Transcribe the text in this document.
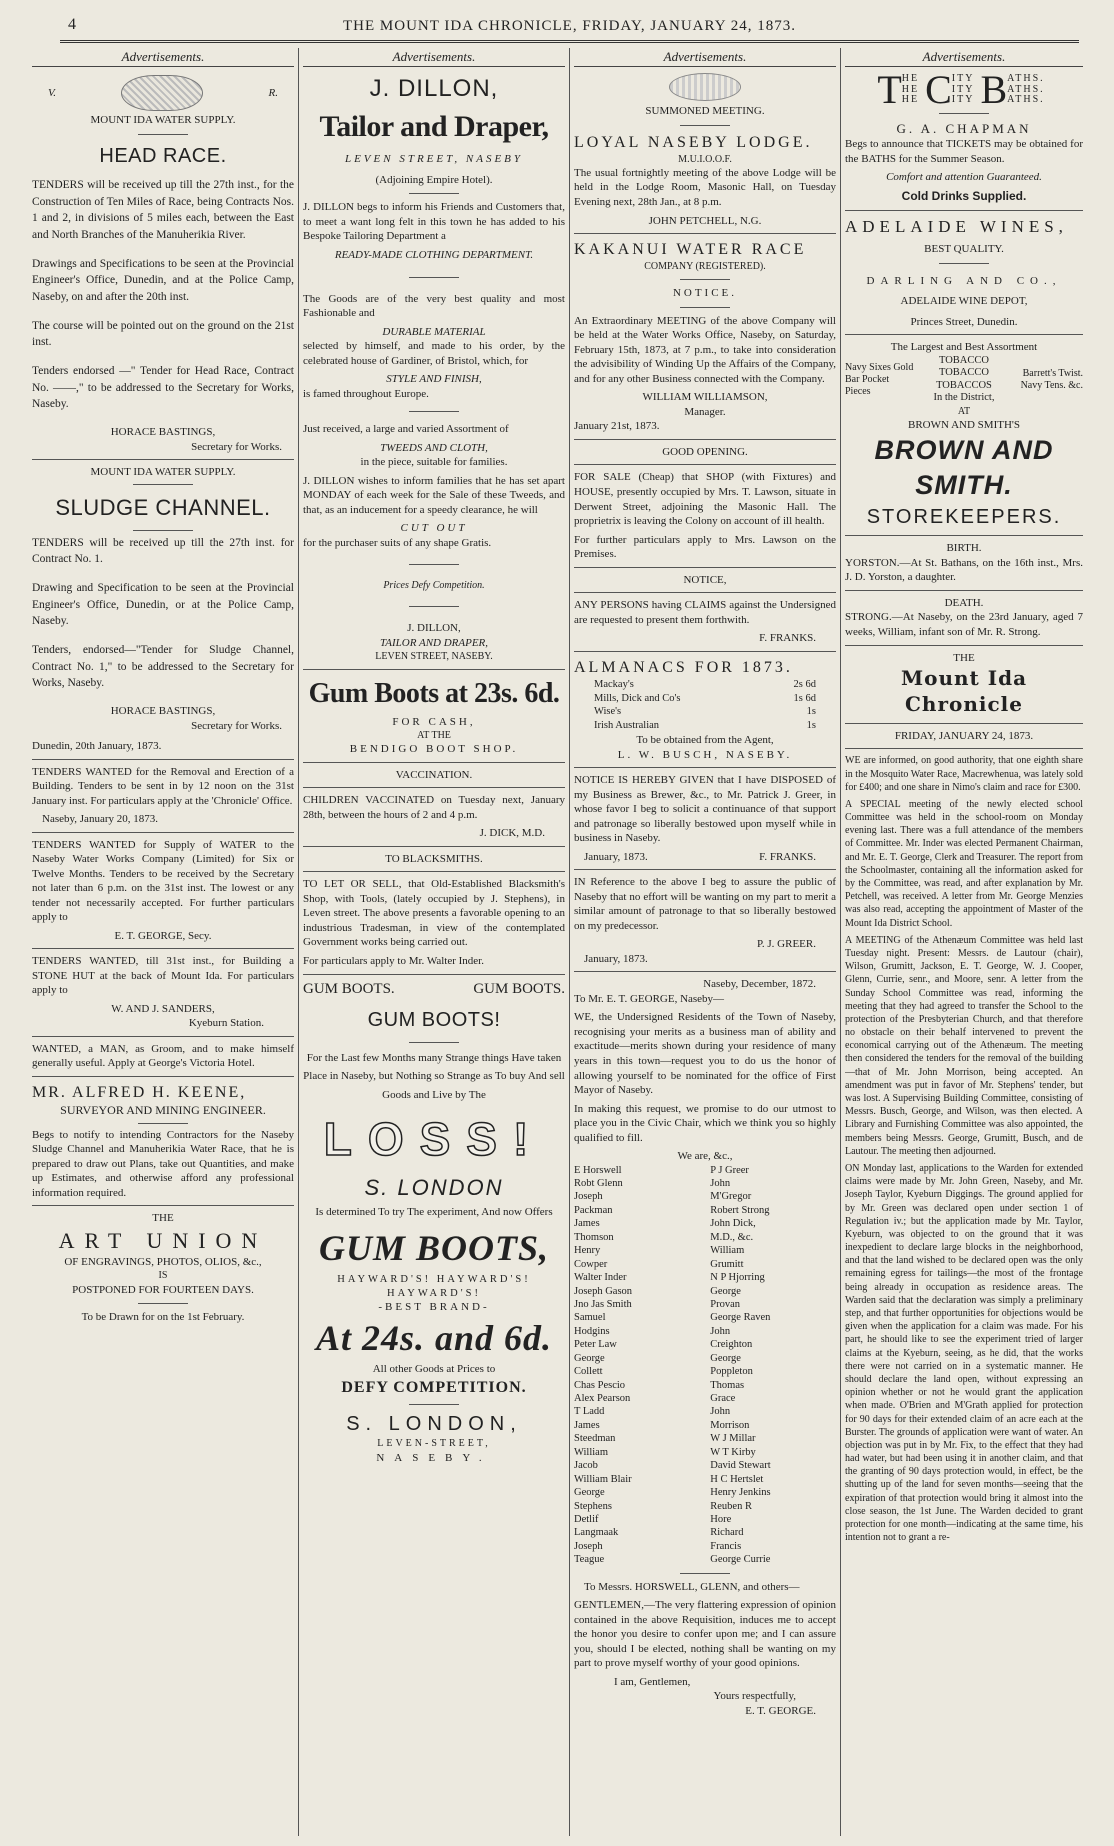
4	THE MOUNT IDA CHRONICLE, FRIDAY, JANUARY 24, 1873.
Advertisements.
V.	R.
MOUNT IDA WATER SUPPLY.
HEAD RACE.

TENDERS will be received up till the 27th inst., for the Construction of Ten Miles of Race, being Contracts Nos. 1 and 2, in divisions of 5 miles each, between the East and North Branches of the Manuherikia River.

Drawings and Specifications to be seen at the Provincial Engineer's Office, Dunedin, and at the Police Camp, Naseby, on and after the 20th inst.

The course will be pointed out on the ground on the 21st inst.

Tenders endorsed —" Tender for Head Race, Contract No. ——," to be addressed to the Secretary for Works, Naseby.

HORACE BASTINGS,
Secretary for Works.
MOUNT IDA WATER SUPPLY.
SLUDGE CHANNEL.

TENDERS will be received up till the 27th inst. for Contract No. 1.

Drawing and Specification to be seen at the Provincial Engineer's Office, Dunedin, or at the Police Camp, Naseby.

Tenders, endorsed—"Tender for Sludge Channel, Contract No. 1," to be addressed to the Secretary for Works, Naseby.

HORACE BASTINGS,
Secretary for Works.

Dunedin, 20th January, 1873.

TENDERS WANTED for the Removal and Erection of a Building. Tenders to be sent in by 12 noon on the 31st January inst. For particulars apply at the 'Chronicle' Office.

Naseby, January 20, 1873.

TENDERS WANTED for Supply of WATER to the Naseby Water Works Company (Limited) for Six or Twelve Months. Tenders to be received by the Secretary not later than 6 p.m. on the 31st inst. The lowest or any tender not necessarily accepted. For further particulars apply to

E. T. GEORGE, Secy.

TENDERS WANTED, till 31st inst., for Building a STONE HUT at the back of Mount Ida. For particulars apply to

W. AND J. SANDERS,
Kyeburn Station.

WANTED, a MAN, as Groom, and to make himself generally useful. Apply at George's Victoria Hotel.

MR. ALFRED H. KEENE,
SURVEYOR AND MINING ENGINEER.

Begs to notify to intending Contractors for the Naseby Sludge Channel and Manuherikia Water Race, that he is prepared to draw out Plans, take out Quantities, and make up Estimates, and otherwise afford any professional information required.

THE
ART UNION
OF ENGRAVINGS, PHOTOS, OLIOS, &c.,
IS
POSTPONED FOR FOURTEEN DAYS.
To be Drawn for on the 1st February.
Advertisements.
J. DILLON,
Tailor and Draper,
LEVEN STREET, NASEBY
(Adjoining Empire Hotel).

J. DILLON begs to inform his Friends and Customers that, to meet a want long felt in this town he has added to his Bespoke Tailoring Department a

READY-MADE CLOTHING DEPARTMENT.

The Goods are of the very best quality and most Fashionable and

DURABLE MATERIAL

selected by himself, and made to his order, by the celebrated house of Gardiner, of Bristol, which, for

STYLE AND FINISH,

is famed throughout Europe.

Just received, a large and varied Assortment of

TWEEDS AND CLOTH,

in the piece, suitable for families.

J. DILLON wishes to inform families that he has set apart MONDAY of each week for the Sale of these Tweeds, and that, as an inducement for a speedy clearance, he will

CUT OUT

for the purchaser suits of any shape Gratis.

Prices Defy Competition.
J. DILLON,
TAILOR AND DRAPER,
LEVEN STREET, NASEBY.
Gum Boots at 23s. 6d.
FOR CASH,
AT THE
BENDIGO BOOT SHOP.
VACCINATION.

CHILDREN VACCINATED on Tuesday next, January 28th, between the hours of 2 and 4 p.m.

J. DICK, M.D.
TO BLACKSMITHS.

TO LET OR SELL, that Old-Established Blacksmith's Shop, with Tools, (lately occupied by J. Stephens), in Leven street. The above presents a favorable opening to an industrious Tradesman, in view of the contemplated Government works being carried out.

For particulars apply to Mr. Walter Inder.

GUM BOOTS.	GUM BOOTS.
GUM BOOTS!

For the Last few Months many Strange things Have taken Place in Naseby, but Nothing so Strange as To buy And sell Goods and Live by The

LOSS!
S. LONDON

Is determined To try The experiment, And now Offers

GUM BOOTS,
HAYWARD'S! HAYWARD'S! HAYWARD'S!
-BEST BRAND-
At 24s. and 6d.
All other Goods at Prices to
DEFY COMPETITION.
S. LONDON,
LEVEN-STREET,
NASEBY.
Advertisements.
SUMMONED MEETING.
LOYAL NASEBY LODGE.
M.U.I.O.O.F.

The usual fortnightly meeting of the above Lodge will be held in the Lodge Room, Masonic Hall, on Tuesday Evening next, 28th Jan., at 8 p.m.

JOHN PETCHELL, N.G.
KAKANUI WATER RACE
COMPANY (REGISTERED).
NOTICE.

An Extraordinary MEETING of the above Company will be held at the Water Works Office, Naseby, on Saturday, February 15th, 1873, at 7 p.m., to take into consideration the advisibility of Winding Up the Affairs of the Company, and for any other Business connected with the Company.

WILLIAM WILLIAMSON,
Manager.

January 21st, 1873.

GOOD OPENING.

FOR SALE (Cheap) that SHOP (with Fixtures) and HOUSE, presently occupied by Mrs. T. Lawson, situate in Derwent Street, adjoining the Masonic Hall. The proprietrix is leaving the Colony on account of ill health.

For further particulars apply to Mrs. Lawson on the Premises.

NOTICE,

ANY PERSONS having CLAIMS against the Undersigned are requested to present them forthwith.

F. FRANKS.
ALMANACS FOR 1873.
Mackay's	2s 6d
Mills, Dick and Co's	1s 6d
Wise's	1s
Irish Australian	1s
To be obtained from the Agent,
L. W. BUSCH, NASEBY.

NOTICE IS HEREBY GIVEN that I have DISPOSED of my Business as Brewer, &c., to Mr. Patrick J. Greer, in whose favor I beg to solicit a continuance of that support and patronage so liberally bestowed upon myself while in business in Naseby.

January, 1873.	F. FRANKS.

IN Reference to the above I beg to assure the public of Naseby that no effort will be wanting on my part to merit a similar amount of patronage to that so liberally bestowed on my predecessor.

P. J. GREER.

January, 1873.

Naseby, December, 1872.

To Mr. E. T. GEORGE, Naseby—

WE, the Undersigned Residents of the Town of Naseby, recognising your merits as a business man of ability and exactitude—merits shown during your residence of many years in this town—request you to do us the honor of allowing yourself to be nominated for the office of First Mayor of Naseby.

In making this request, we promise to do our utmost to place you in the Civic Chair, which we think you so highly qualified to fill.

We are, &c.,
E Horswell
Robt Glenn
Joseph Packman
James Thomson
Henry Cowper
Walter Inder
Joseph Gason
Jno Jas Smith
Samuel Hodgins
Peter Law
George Collett
Chas Pescio
Alex Pearson
T Ladd
James Steedman
William Jacob
William Blair
George Stephens
Detlif Langmaak
Joseph Teague
P J Greer
John M'Gregor
Robert Strong
John Dick, M.D., &c.
William Grumitt
N P Hjorring
George Provan
George Raven
John Creighton
George Poppleton
Thomas Grace
John Morrison
W J Millar
W T Kirby
David Stewart
H C Hertslet
Henry Jenkins
Reuben R Hore
Richard Francis
George Currie

To Messrs. HORSWELL, GLENN, and others—

GENTLEMEN,—The very flattering expression of opinion contained in the above Requisition, induces me to accept the honor you desire to confer upon me; and I can assure you, should I be elected, nothing shall be wanting on my part to prove myself worthy of your good opinions.

I am, Gentlemen,
Yours respectfully,
E. T. GEORGE.
Advertisements.
T HE
HE
HE C ITY
ITY
ITY B ATHS.
ATHS.
ATHS.
G. A. CHAPMAN

Begs to announce that TICKETS may be obtained for the BATHS for the Summer Season.

Comfort and attention Guaranteed.
Cold Drinks Supplied.
ADELAIDE WINES,
BEST QUALITY.
DARLING AND CO.,
ADELAIDE WINE DEPOT,
Princes Street, Dunedin.
The Largest and Best Assortment
Navy Sixes Gold Bar Pocket Pieces
TOBACCO TOBACCO TOBACCOS
In the District,
Barrett's Twist. Navy Tens. &c.
AT
BROWN AND SMITH'S
BROWN AND SMITH.
STOREKEEPERS.
BIRTH.

YORSTON.—At St. Bathans, on the 16th inst., Mrs. J. D. Yorston, a daughter.

DEATH.

STRONG.—At Naseby, on the 23rd January, aged 7 weeks, William, infant son of Mr. R. Strong.

THE
Mount Ida Chronicle
FRIDAY, JANUARY 24, 1873.

WE are informed, on good authority, that one eighth share in the Mosquito Water Race, Macrewhenua, was lately sold for £400; and one share in Nimo's claim and race for £300.

A SPECIAL meeting of the newly elected school Committee was held in the school-room on Monday evening last. There was a full attendance of the members of Committee. Mr. Inder was elected Permanent Chairman, and Mr. E. T. George, Clerk and Treasurer. The report from the Schoolmaster, containing all the information asked for by the Committee, was read, and after explanation by Mr. Petchell, was received. A letter from Mr. George Menzies was also read, accepting the appointment of Master of the Mount Ida District School.

A MEETING of the Athenæum Committee was held last Tuesday night. Present: Messrs. de Lautour (chair), Wilson, Grumitt, Jackson, E. T. George, W. J. Cooper, Glenn, Currie, senr., and Moore, senr. A letter from the Sunday School Committee was read, informing the meeting that they had agreed to transfer the School to the protection of the Presbyterian Church, and that therefore no obstacle on their behalf intervened to prevent the economical carrying out of the Athenæum. The meeting then considered the tenders for the removal of the building—that of Mr. John Morrison, being accepted. An amendment was put in favor of Mr. Stephens' tender, but was lost. A Supervising Building Committee, consisting of Messrs. Busch, George, and Wilson, was then elected. A Library and Furnishing Committee was also appointed, the members being Messrs. George, Grumitt, Busch, and de Lautour. The meeting then adjourned.

ON Monday last, applications to the Warden for extended claims were made by Mr. John Green, Naseby, and Mr. Joseph Taylor, Kyeburn Diggings. The ground applied for by Mr. Green was declared open under section 1 of Regulation iv.; but the application made by Mr. Taylor, Kyeburn, was objected to on the ground that it was inexpedient to declare large blocks in the neighborhood, and that the land wished to be declared open was the only remaining egress for tailings—the most of the frontage being already in occupation as residence areas. The Warden said that the declaration was simply a preliminary step, and that further opportunities for objections would be given when the application for a claim was made. For his part, he should like to see the experiment tried of larger claims at the Kyeburn, seeing, as he did, that the works there were not carried on in a systematic manner. He should declare the land open, without expressing an opinion whether or not he would grant the application when made. O'Brien and M'Grath applied for protection for 90 days for their extended claim of an acre each at the Burster. The grounds of application were want of water. An objection was put in by Mr. Fix, to the effect that they had had water, but had been using it in another claim, and that the granting of 90 days protection would, in effect, be the shutting up of the land for seven months—seeing that the expiration of that protection would bring it almost into the close season, the 1st June. The Warden decided to grant protection for one month—indicating at the same time, his intention not to grant a re-
